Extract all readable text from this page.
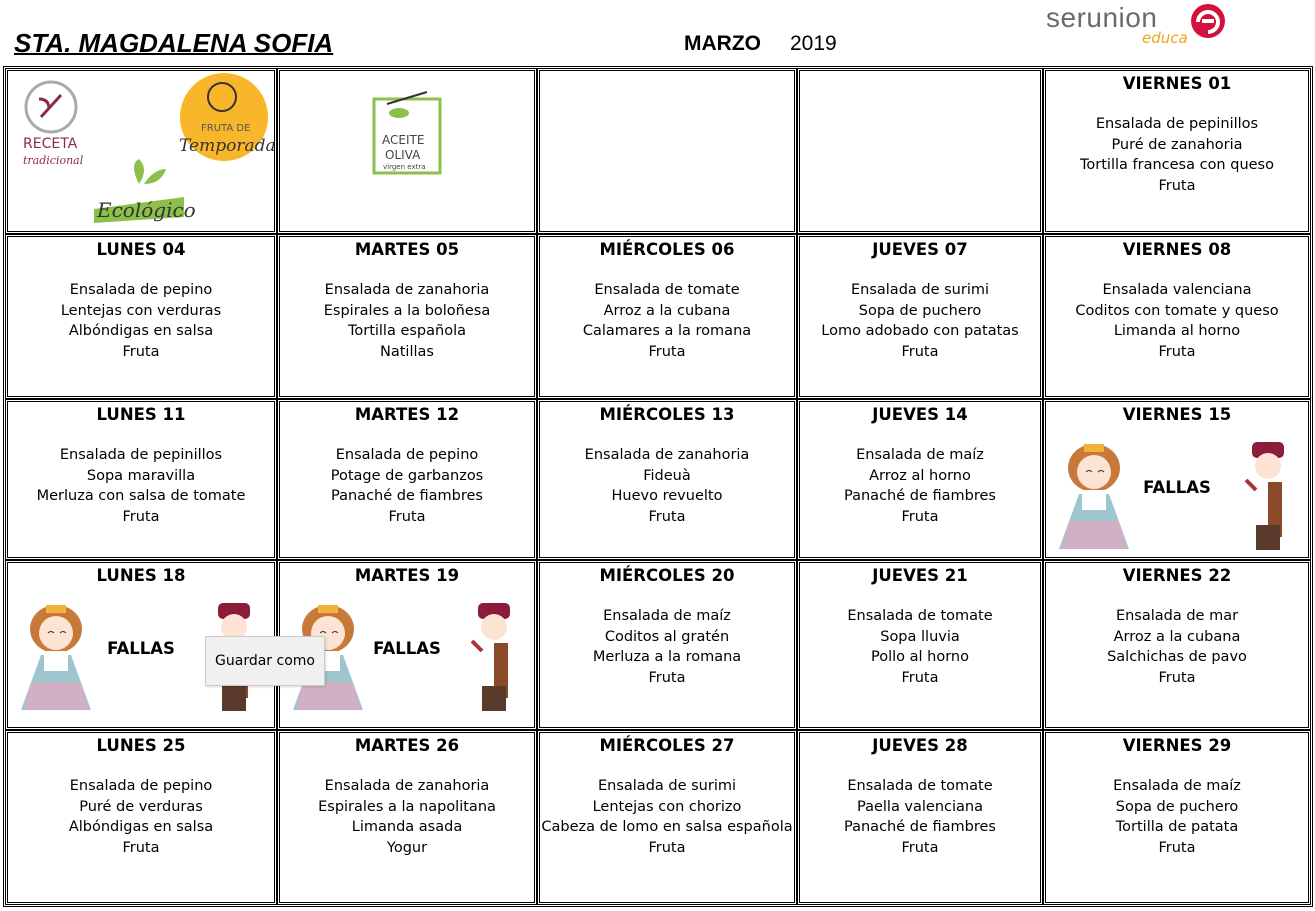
STA. MAGDALENA SOFIA	MARZO 2019
serunion
educa
RECETA
tradicional
FRUTA DE
Temporada
Ecológico
ACEITE
OLIVA
virgen extra
VIERNES 01
Ensalada de pepinillos
Puré de zanahoria
Tortilla francesa con queso
Fruta
LUNES 04
Ensalada de pepino
Lentejas con verduras
Albóndigas en salsa
Fruta
MARTES 05
Ensalada de zanahoria
Espirales a la boloñesa
Tortilla española
Natillas
MIÉRCOLES 06
Ensalada de tomate
Arroz a la cubana
Calamares a la romana
Fruta
JUEVES 07
Ensalada de surimi
Sopa de puchero
Lomo adobado con patatas
Fruta
VIERNES 08
Ensalada valenciana
Coditos con tomate y queso
Limanda al horno
Fruta
LUNES 11
Ensalada de pepinillos
Sopa maravilla
Merluza con salsa de tomate
Fruta
MARTES 12
Ensalada de pepino
Potage de garbanzos
Panaché de fiambres
Fruta
MIÉRCOLES 13
Ensalada de zanahoria
Fideuà
Huevo revuelto
Fruta
JUEVES 14
Ensalada de maíz
Arroz al horno
Panaché de fiambres
Fruta
VIERNES 15
FALLAS
LUNES 18
FALLAS
MARTES 19
FALLAS
MIÉRCOLES 20
Ensalada de maíz
Coditos al gratén
Merluza a la romana
Fruta
JUEVES 21
Ensalada de tomate
Sopa lluvia
Pollo al horno
Fruta
VIERNES 22
Ensalada de mar
Arroz a la cubana
Salchichas de pavo
Fruta
LUNES 25
Ensalada de pepino
Puré de verduras
Albóndigas en salsa
Fruta
MARTES 26
Ensalada de zanahoria
Espirales a la napolitana
Limanda asada
Yogur
MIÉRCOLES 27
Ensalada de surimi
Lentejas con chorizo
Cabeza de lomo en salsa española
Fruta
JUEVES 28
Ensalada de tomate
Paella valenciana
Panaché de fiambres
Fruta
VIERNES 29
Ensalada de maíz
Sopa de puchero
Tortilla de patata
Fruta
Guardar como
